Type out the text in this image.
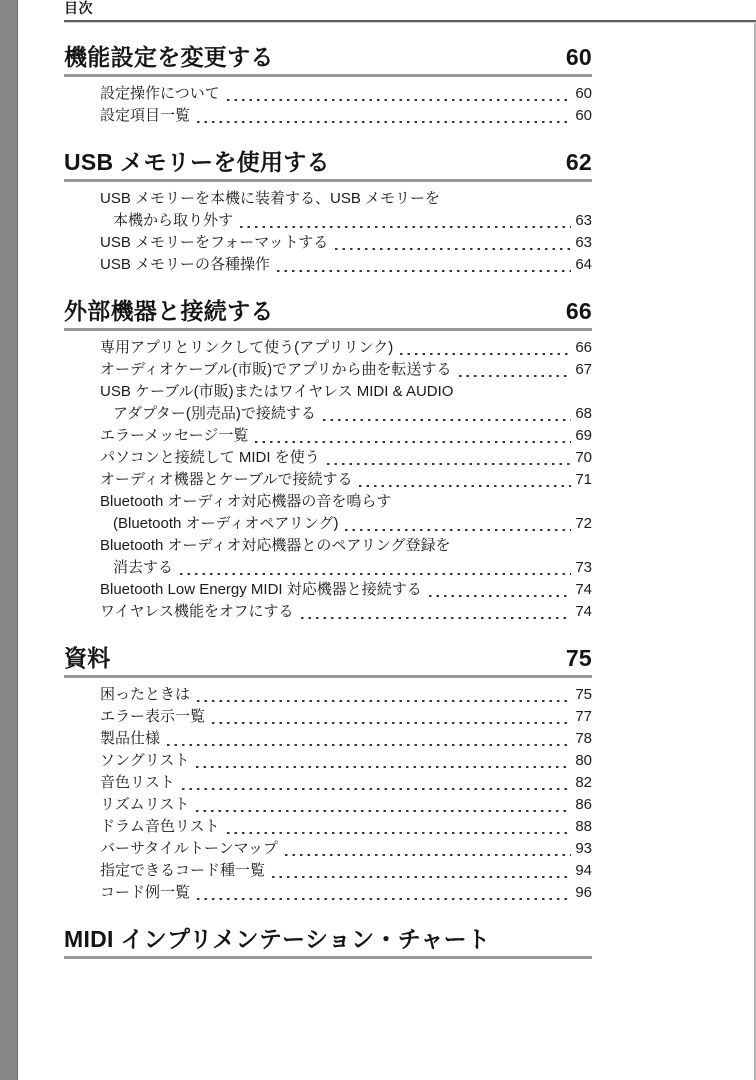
目次
機能設定を変更する	60
設定操作について	60
設定項目一覧	60
USB メモリーを使用する	62
USB メモリーを本機に装着する、USB メモリーを
本機から取り外す	63
USB メモリーをフォーマットする	63
USB メモリーの各種操作	64
外部機器と接続する	66
専用アプリとリンクして使う(アプリリンク)	66
オーディオケーブル(市販)でアプリから曲を転送する	67
USB ケーブル(市販)またはワイヤレス MIDI & AUDIO
アダプター(別売品)で接続する	68
エラーメッセージ一覧	69
パソコンと接続して MIDI を使う	70
オーディオ機器とケーブルで接続する	71
Bluetooth オーディオ対応機器の音を鳴らす
(Bluetooth オーディオペアリング)	72
Bluetooth オーディオ対応機器とのペアリング登録を
消去する	73
Bluetooth Low Energy MIDI 対応機器と接続する	74
ワイヤレス機能をオフにする	74
資料	75
困ったときは	75
エラー表示一覧	77
製品仕様	78
ソングリスト	80
音色リスト	82
リズムリスト	86
ドラム音色リスト	88
バーサタイルトーンマップ	93
指定できるコード種一覧	94
コード例一覧	96
MIDI インプリメンテーション・チャート
